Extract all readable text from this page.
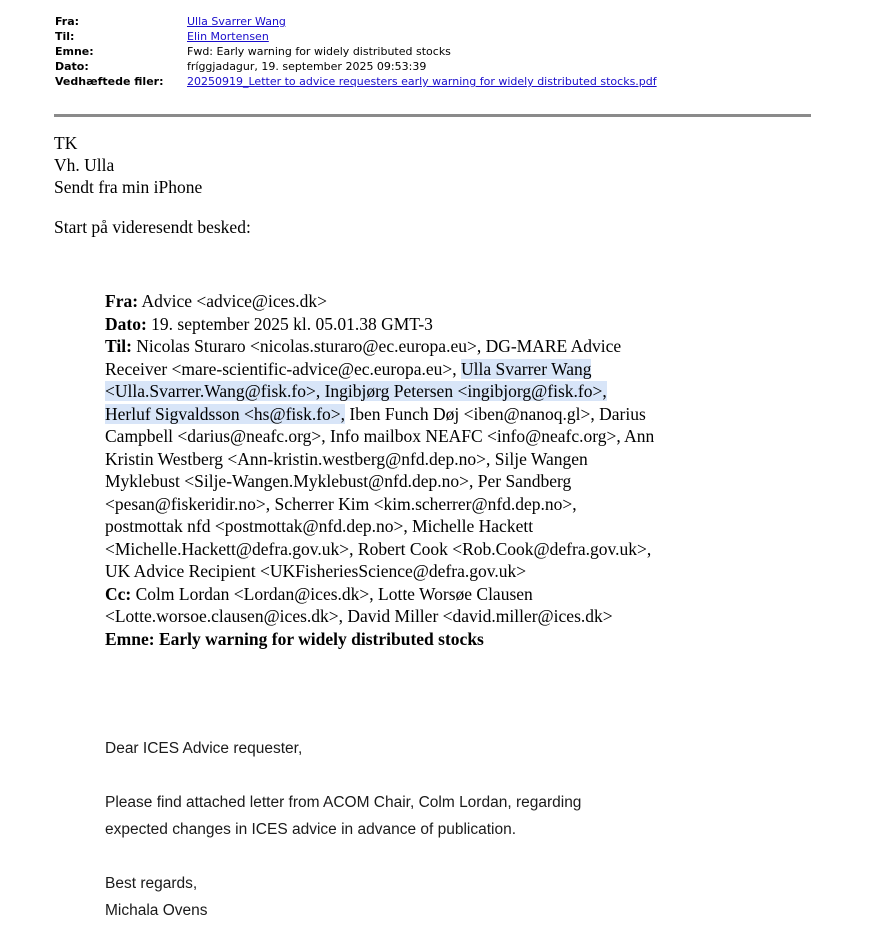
Fra:	Ulla Svarrer Wang
Til:	Elin Mortensen
Emne:	Fwd: Early warning for widely distributed stocks
Dato:	fríggjadagur, 19. september 2025 09:53:39
Vedhæftede filer:	20250919_Letter to advice requesters early warning for widely distributed stocks.pdf
TK
Vh. Ulla
Sendt fra min iPhone
Start på videresendt besked:
Fra: Advice <advice@ices.dk>
Dato: 19. september 2025 kl. 05.01.38 GMT-3
Til: Nicolas Sturaro <nicolas.sturaro@ec.europa.eu>, DG-MARE Advice
Receiver <mare-scientific-advice@ec.europa.eu>, Ulla Svarrer Wang
<Ulla.Svarrer.Wang@fisk.fo>, Ingibjørg Petersen <ingibjorg@fisk.fo>,
Herluf Sigvaldsson <hs@fisk.fo>, Iben Funch Døj <iben@nanoq.gl>, Darius
Campbell <darius@neafc.org>, Info mailbox NEAFC <info@neafc.org>, Ann
Kristin Westberg <Ann-kristin.westberg@nfd.dep.no>, Silje Wangen
Myklebust <Silje-Wangen.Myklebust@nfd.dep.no>, Per Sandberg
<pesan@fiskeridir.no>, Scherrer Kim <kim.scherrer@nfd.dep.no>,
postmottak nfd <postmottak@nfd.dep.no>, Michelle Hackett
<Michelle.Hackett@defra.gov.uk>, Robert Cook <Rob.Cook@defra.gov.uk>,
UK Advice Recipient <UKFisheriesScience@defra.gov.uk>
Cc: Colm Lordan <Lordan@ices.dk>, Lotte Worsøe Clausen
<Lotte.worsoe.clausen@ices.dk>, David Miller <david.miller@ices.dk>
Emne: Early warning for widely distributed stocks
Dear ICES Advice requester,
Please find attached letter from ACOM Chair, Colm Lordan, regarding
expected changes in ICES advice in advance of publication.
Best regards,
Michala Ovens
